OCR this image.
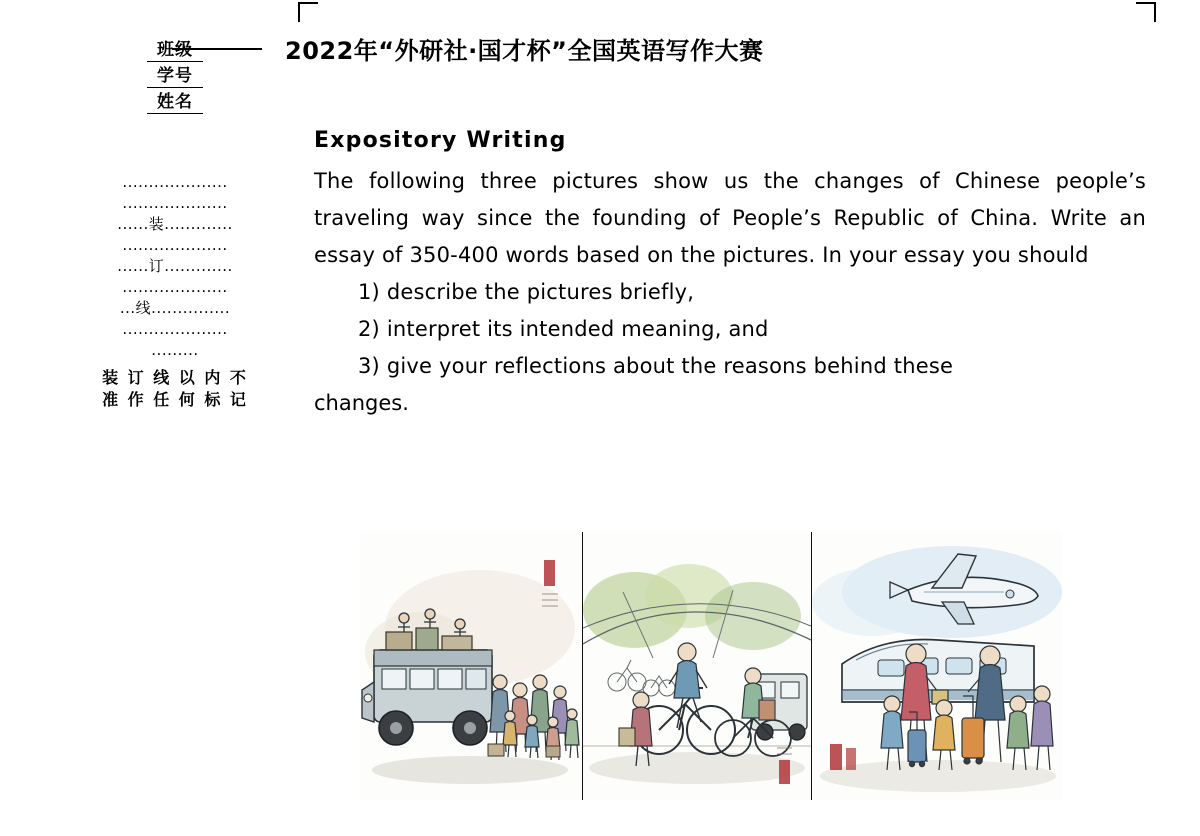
2022年“外研社·国才杯”全国英语写作大赛
班级
学号
姓名
....................
....................
......装.............
....................
......订.............
....................
...线...............
....................
.........
装 订 线 以 内 不
准 作 任 何 标 记
Expository Writing
The following three pictures show us the changes of Chinese people’s traveling way since the founding of People’s Republic of China. Write an essay of 350-400 words based on the pictures. In your essay you should
1) describe the pictures briefly,
2) interpret its intended meaning, and
3) give your reflections about the reasons behind these
changes.
